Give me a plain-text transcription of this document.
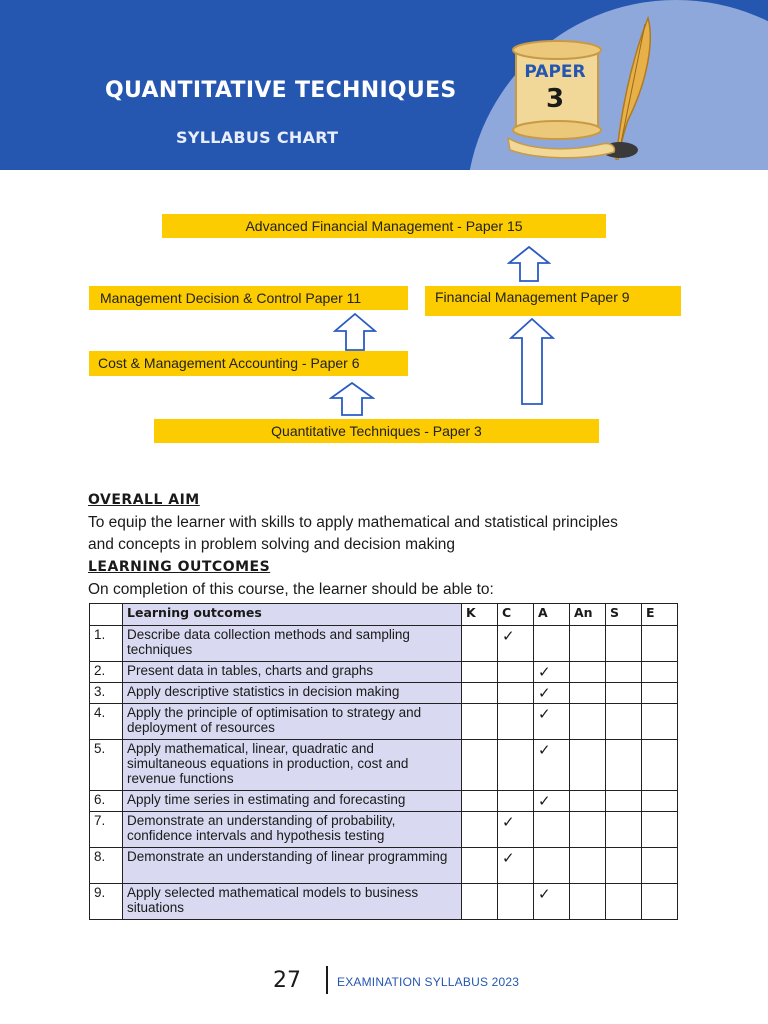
QUANTITATIVE TECHNIQUES
SYLLABUS CHART
PAPER
3
Advanced Financial Management - Paper 15
Management Decision & Control Paper 11	Financial Management Paper 9
Cost & Management Accounting - Paper 6
Quantitative Techniques - Paper 3
OVERALL AIM
To equip the learner with skills to apply mathematical and statistical principles and concepts in problem solving and decision making
LEARNING OUTCOMES
On completion of this course, the learner should be able to:
	Learning outcomes	K	C	A	An	S	E
1.	Describe data collection methods and sampling techniques		✓				
2.	Present data in tables, charts and graphs			✓			
3.	Apply descriptive statistics in decision making			✓			
4.	Apply the principle of optimisation to strategy and deployment of resources			✓			
5.	Apply mathematical, linear, quadratic and simultaneous equations in production, cost and revenue functions			✓			
6.	Apply time series in estimating and forecasting			✓			
7.	Demonstrate an understanding of probability, confidence intervals and hypothesis testing		✓				
8.	Demonstrate an understanding of linear programming		✓				
9.	Apply selected mathematical models to business situations			✓			
27	EXAMINATION SYLLABUS 2023
